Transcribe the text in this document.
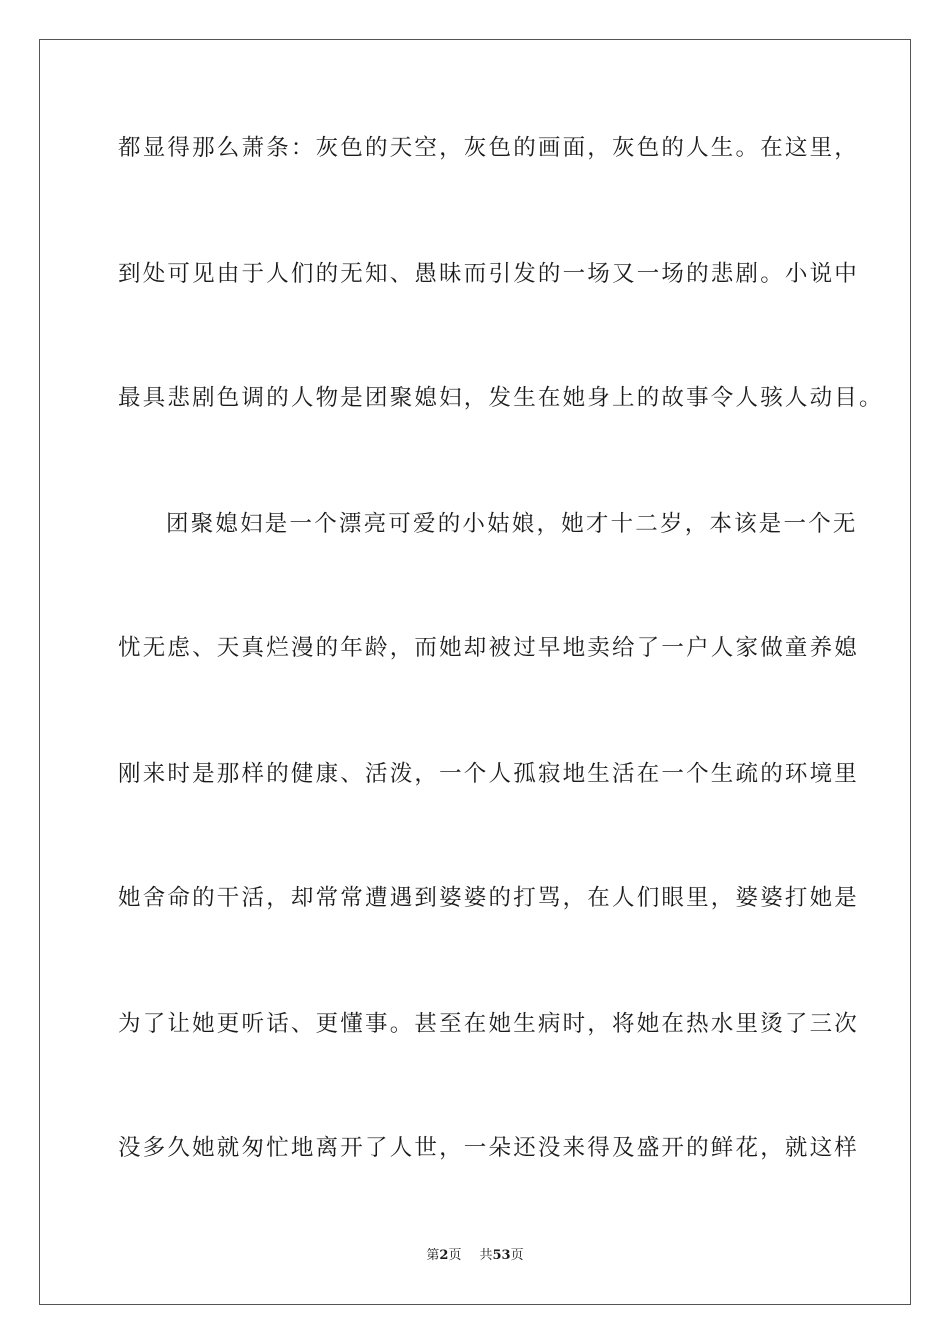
都显得那么萧条：灰色的天空，灰色的画面，灰色的人生。在这里，
到处可见由于人们的无知、愚昧而引发的一场又一场的悲剧。小说中
最具悲剧色调的人物是团聚媳妇，发生在她身上的故事令人骇人动目。
团聚媳妇是一个漂亮可爱的小姑娘，她才十二岁，本该是一个无
忧无虑、天真烂漫的年龄，而她却被过早地卖给了一户人家做童养媳
刚来时是那样的健康、活泼，一个人孤寂地生活在一个生疏的环境里
她舍命的干活，却常常遭遇到婆婆的打骂，在人们眼里，婆婆打她是
为了让她更听话、更懂事。甚至在她生病时，将她在热水里烫了三次
没多久她就匆忙地离开了人世，一朵还没来得及盛开的鲜花，就这样
第2页 共53页
